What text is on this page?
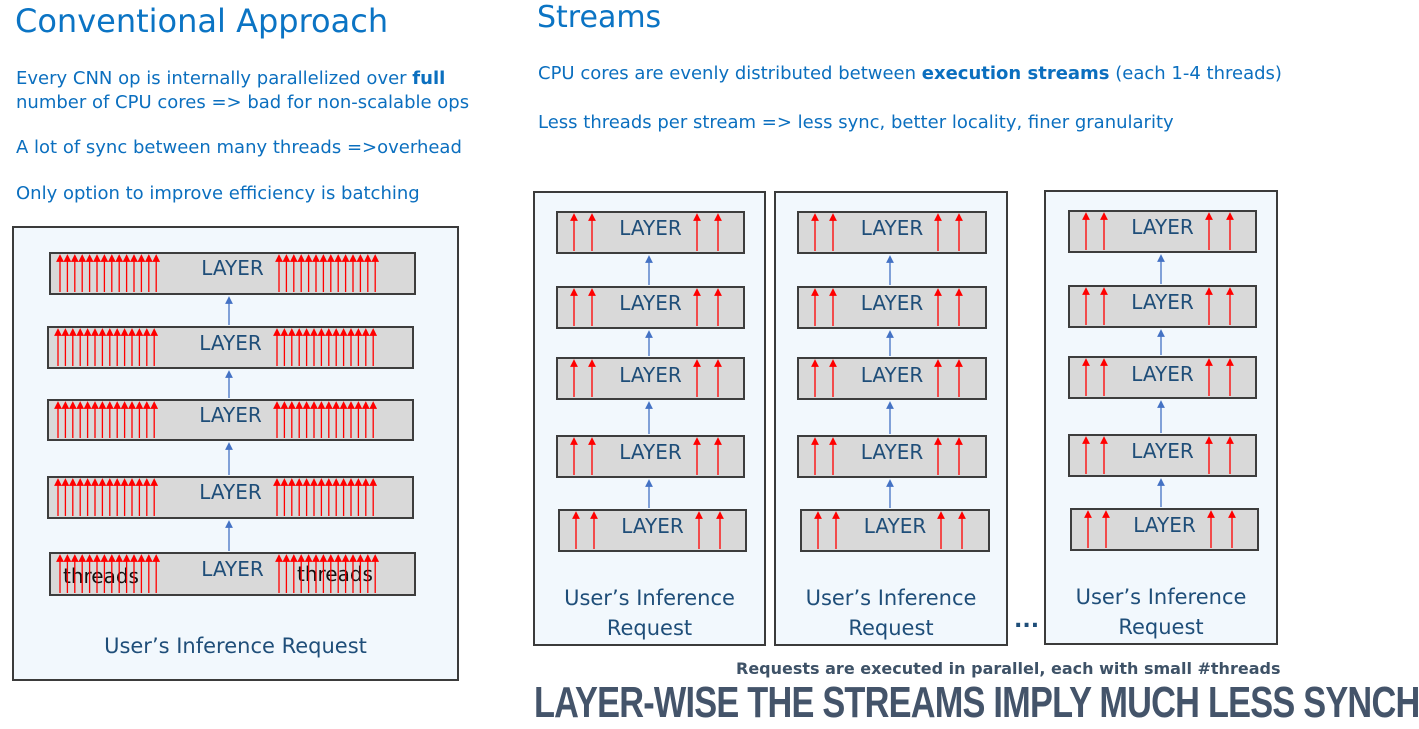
Conventional Approach
Every CNN op is internally parallelized over full
number of CPU cores => bad for non-scalable ops
A lot of sync between many threads =>overhead
Only option to improve efficiency is batching
User’s Inference Request
LAYER
LAYER
LAYER
LAYER
LAYER
threads	threads
Streams
CPU cores are evenly distributed between execution streams (each 1-4 threads)
Less threads per stream => less sync, better locality, finer granularity
User’s Inference
Request
User’s Inference
Request
User’s Inference
Request
LAYER
LAYER
LAYER
LAYER
LAYER
LAYER
LAYER
LAYER
LAYER
LAYER
LAYER
LAYER
LAYER
LAYER
LAYER
...
Requests are executed in parallel, each with small #threads
LAYER-WISE THE STREAMS IMPLY MUCH LESS SYNCH
